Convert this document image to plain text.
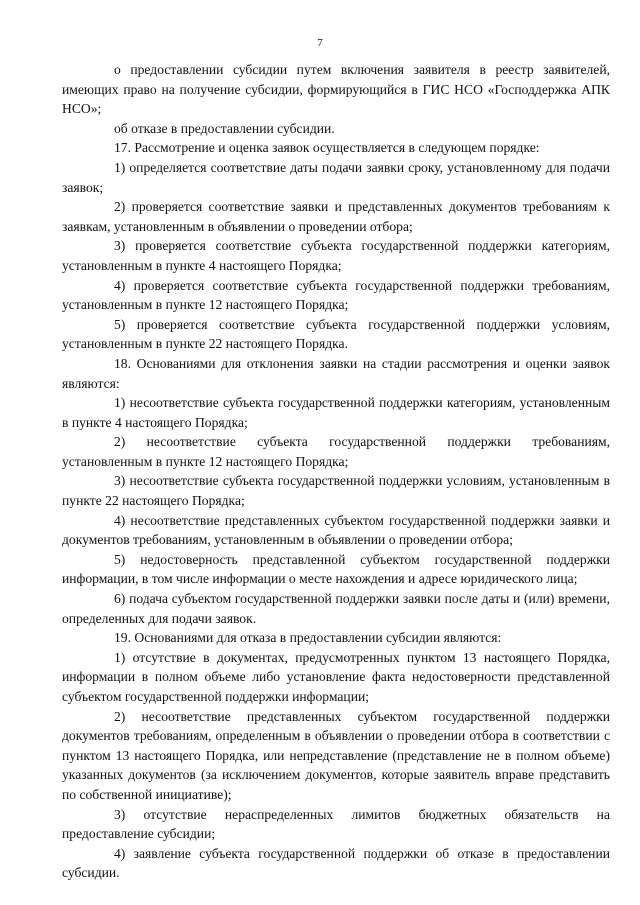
7

о предоставлении субсидии путем включения заявителя в реестр заявителей, имеющих право на получение субсидии, формирующийся в ГИС НСО «Господдержка АПК НСО»;

об отказе в предоставлении субсидии.

17. Рассмотрение и оценка заявок осуществляется в следующем порядке:

1) определяется соответствие даты подачи заявки сроку, установленному для подачи заявок;

2) проверяется соответствие заявки и представленных документов требованиям к заявкам, установленным в объявлении о проведении отбора;

3) проверяется соответствие субъекта государственной поддержки категориям, установленным в пункте 4 настоящего Порядка;

4) проверяется соответствие субъекта государственной поддержки требованиям, установленным в пункте 12 настоящего Порядка;

5) проверяется соответствие субъекта государственной поддержки условиям, установленным в пункте 22 настоящего Порядка.

18. Основаниями для отклонения заявки на стадии рассмотрения и оценки заявок являются:

1) несоответствие субъекта государственной поддержки категориям, установленным в пункте 4 настоящего Порядка;

2) несоответствие субъекта государственной поддержки требованиям, установленным в пункте 12 настоящего Порядка;

3) несоответствие субъекта государственной поддержки условиям, установленным в пункте 22 настоящего Порядка;

4) несоответствие представленных субъектом государственной поддержки заявки и документов требованиям, установленным в объявлении о проведении отбора;

5) недостоверность представленной субъектом государственной поддержки информации, в том числе информации о месте нахождения и адресе юридического лица;

6) подача субъектом государственной поддержки заявки после даты и (или) времени, определенных для подачи заявок.

19. Основаниями для отказа в предоставлении субсидии являются:

1) отсутствие в документах, предусмотренных пунктом 13 настоящего Порядка, информации в полном объеме либо установление факта недостоверности представленной субъектом государственной поддержки информации;

2) несоответствие представленных субъектом государственной поддержки документов требованиям, определенным в объявлении о проведении отбора в соответствии с пунктом 13 настоящего Порядка, или непредставление (представление не в полном объеме) указанных документов (за исключением документов, которые заявитель вправе представить по собственной инициативе);

3) отсутствие нераспределенных лимитов бюджетных обязательств на предоставление субсидии;

4) заявление субъекта государственной поддержки об отказе в предоставлении субсидии.
